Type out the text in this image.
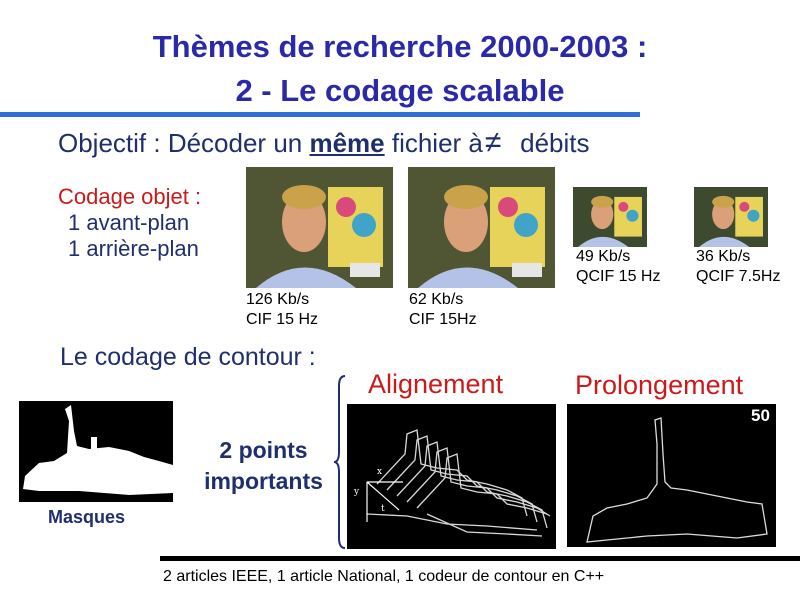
Thèmes de recherche 2000-2003 :
2 - Le codage scalable
Objectif : Décoder un même fichier à ≠ débits
Codage objet :
1 avant-plan
1 arrière-plan
126 Kb/s
CIF 15 Hz
62 Kb/s
CIF 15Hz
49 Kb/s
QCIF 15 Hz
36 Kb/s
QCIF 7.5Hz
Le codage de contour :
Alignement	Prolongement
Masques
2 points
importants	x
y
t
50
2 articles IEEE, 1 article National, 1 codeur de contour en C++
